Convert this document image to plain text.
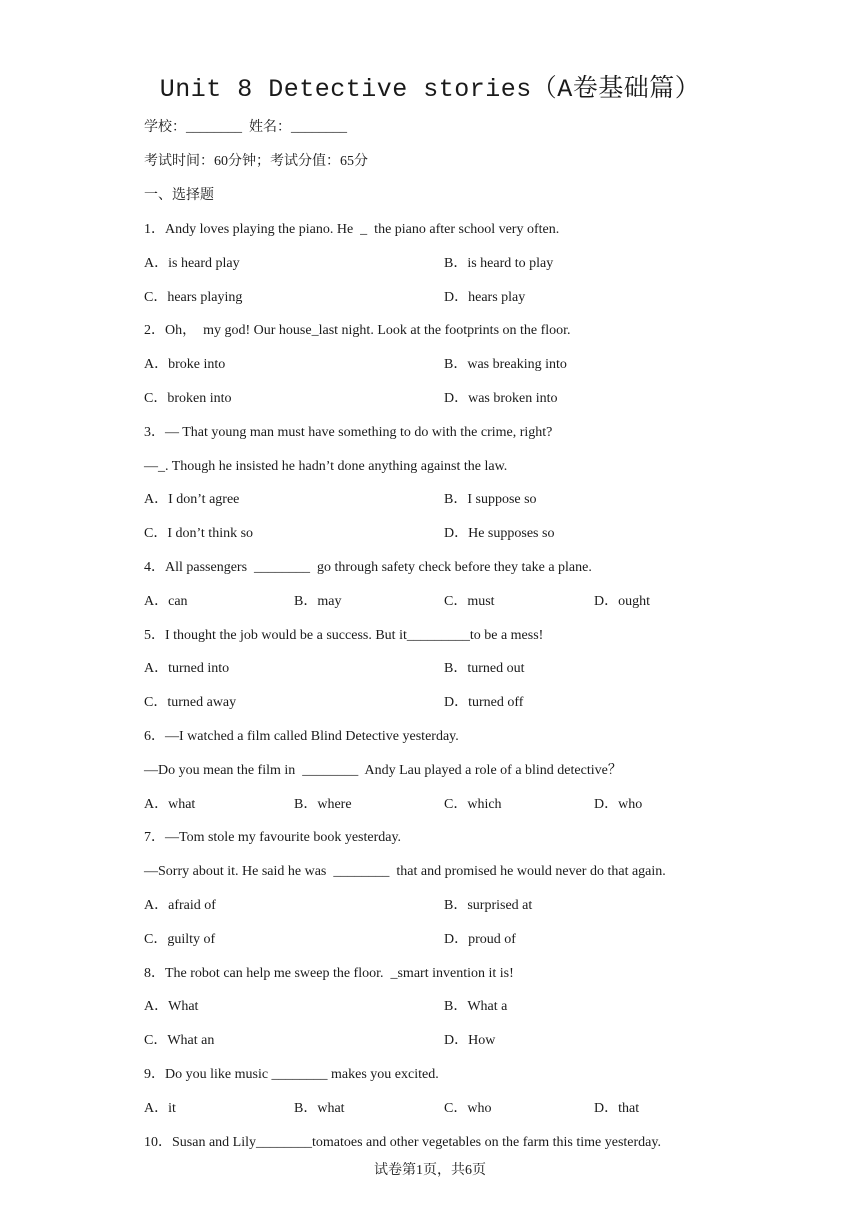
Unit 8 Detective stories（A卷基础篇）
学校：________  姓名：________
考试时间：60分钟；考试分值：65分
一、选择题
1．Andy loves playing the piano. He  _  the piano after school very often.
A．is heard play	B．is heard to play
C．hears playing	D．hears play
2．Oh，  my god! Our house_last night. Look at the footprints on the floor.
A．broke into	B．was breaking into
C．broken into	D．was broken into
3．— That young man must have something to do with the crime, right?
—_. Though he insisted he hadn’t done anything against the law.
A．I don’t agree	B．I suppose so
C．I don’t think so	D．He supposes so
4．All passengers  ________  go through safety check before they take a plane.
A．can	B．may	C．must	D．ought
5．I thought the job would be a success. But it_________to be a mess!
A．turned into	B．turned out
C．turned away	D．turned off
6．—I watched a film called Blind Detective yesterday.
—Do you mean the film in  ________  Andy Lau played a role of a blind detective？
A．what	B．where	C．which	D．who
7．—Tom stole my favourite book yesterday.
—Sorry about it. He said he was  ________  that and promised he would never do that again.
A．afraid of	B．surprised at
C．guilty of	D．proud of
8．The robot can help me sweep the floor.  _smart invention it is!
A．What	B．What a
C．What an	D．How
9．Do you like music ________ makes you excited.
A．it	B．what	C．who	D．that
10．Susan and Lily________tomatoes and other vegetables on the farm this time yesterday.
试卷第1页，共6页
